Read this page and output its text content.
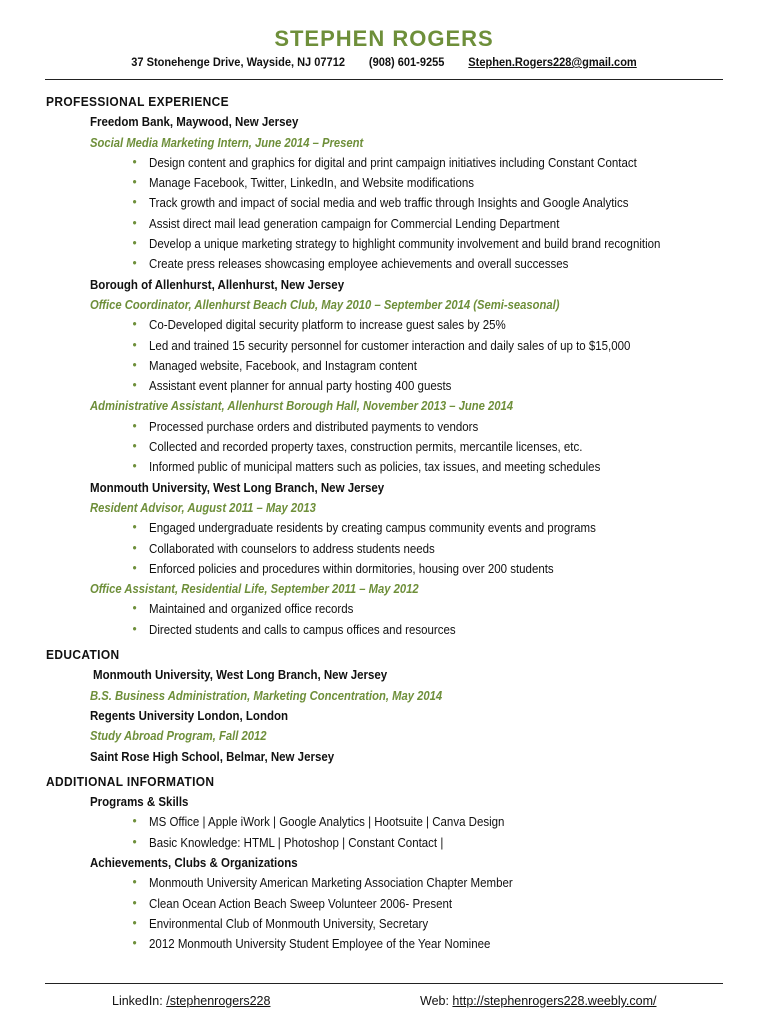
STEPHEN ROGERS
37 Stonehenge Drive, Wayside, NJ 07712 (908) 601-9255 Stephen.Rogers228@gmail.com
PROFESSIONAL EXPERIENCE
Freedom Bank, Maywood, New Jersey
Social Media Marketing Intern, June 2014 – Present
• Design content and graphics for digital and print campaign initiatives including Constant Contact
• Manage Facebook, Twitter, LinkedIn, and Website modifications
• Track growth and impact of social media and web traffic through Insights and Google Analytics
• Assist direct mail lead generation campaign for Commercial Lending Department
• Develop a unique marketing strategy to highlight community involvement and build brand recognition
• Create press releases showcasing employee achievements and overall successes
Borough of Allenhurst, Allenhurst, New Jersey
Office Coordinator, Allenhurst Beach Club, May 2010 – September 2014 (Semi-seasonal)
• Co-Developed digital security platform to increase guest sales by 25%
• Led and trained 15 security personnel for customer interaction and daily sales of up to $15,000
• Managed website, Facebook, and Instagram content
• Assistant event planner for annual party hosting 400 guests
Administrative Assistant, Allenhurst Borough Hall, November 2013 – June 2014
• Processed purchase orders and distributed payments to vendors
• Collected and recorded property taxes, construction permits, mercantile licenses, etc.
• Informed public of municipal matters such as policies, tax issues, and meeting schedules
Monmouth University, West Long Branch, New Jersey
Resident Advisor, August 2011 – May 2013
• Engaged undergraduate residents by creating campus community events and programs
• Collaborated with counselors to address students needs
• Enforced policies and procedures within dormitories, housing over 200 students
Office Assistant, Residential Life, September 2011 – May 2012
• Maintained and organized office records
• Directed students and calls to campus offices and resources
EDUCATION
Monmouth University, West Long Branch, New Jersey
B.S. Business Administration, Marketing Concentration, May 2014
Regents University London, London
Study Abroad Program, Fall 2012
Saint Rose High School, Belmar, New Jersey
ADDITIONAL INFORMATION
Programs & Skills
• MS Office | Apple iWork | Google Analytics | Hootsuite | Canva Design
• Basic Knowledge: HTML | Photoshop | Constant Contact |
Achievements, Clubs & Organizations
• Monmouth University American Marketing Association Chapter Member
• Clean Ocean Action Beach Sweep Volunteer 2006- Present
• Environmental Club of Monmouth University, Secretary
• 2012 Monmouth University Student Employee of the Year Nominee
LinkedIn: /stephenrogers228	Web: http://stephenrogers228.weebly.com/
